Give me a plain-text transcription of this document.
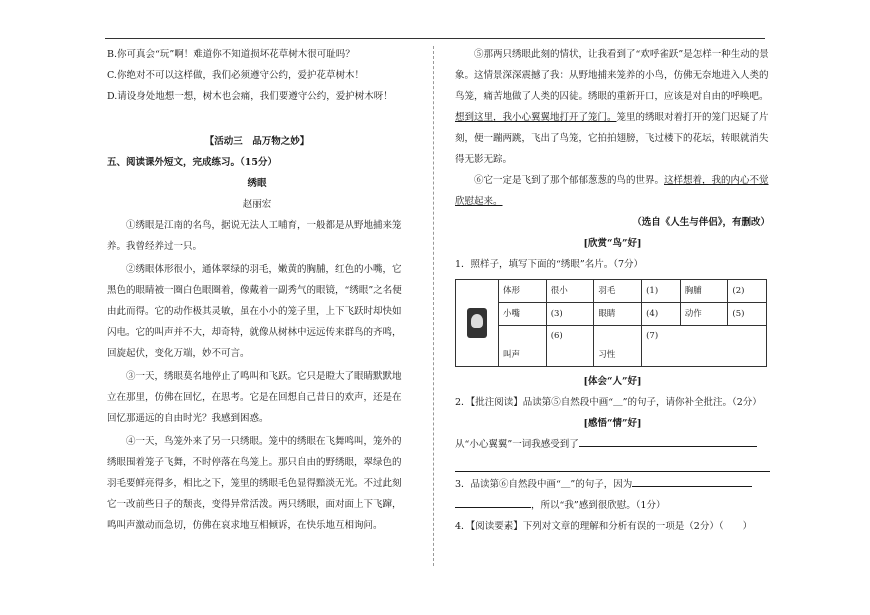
B.你可真会“玩”啊！难道你不知道损坏花草树木很可耻吗？

C.你绝对不可以这样做，我们必须遵守公约，爱护花草树木！

D.请设身处地想一想，树木也会痛，我们要遵守公约，爱护树木呀！

【活动三　品万物之妙】

五、阅读课外短文，完成练习。（15分）

绣眼

赵丽宏

①绣眼是江南的名鸟，据说无法人工哺育，一般都是从野地捕来笼养。我曾经养过一只。

②绣眼体形很小，通体翠绿的羽毛，嫩黄的胸脯，红色的小嘴，它黑色的眼睛被一圈白色眼圈着，像戴着一副秀气的眼镜，“绣眼”之名便由此而得。它的动作极其灵敏，虽在小小的笼子里，上下飞跃时却快如闪电。它的叫声并不大，却奇特，就像从树林中远远传来群鸟的齐鸣，回旋起伏，变化万端，妙不可言。

③一天，绣眼莫名地停止了鸣叫和飞跃。它只是瞪大了眼睛默默地立在那里，仿佛在回忆，在思考。它是在回想自己昔日的欢声，还是在回忆那遥远的自由时光？我感到困惑。

④一天，鸟笼外来了另一只绣眼。笼中的绣眼在飞舞鸣叫，笼外的绣眼围着笼子飞舞，不时停落在鸟笼上。那只自由的野绣眼，翠绿色的羽毛要鲜亮得多，相比之下，笼里的绣眼毛色显得黯淡无光。不过此刻它一改前些日子的颓丧，变得异常活泼。两只绣眼，面对面上下飞蹿，鸣叫声激动而急切，仿佛在哀求地互相倾诉，在快乐地互相询问。

⑤那两只绣眼此刻的情状，让我看到了“欢呼雀跃”是怎样一种生动的景象。这情景深深震撼了我：从野地捕来笼养的小鸟，仿佛无奈地进入人类的鸟笼，痛苦地做了人类的囚徒。绣眼的重新开口，应该是对自由的呼唤吧。想到这里，我小心翼翼地打开了笼门。笼里的绣眼对着打开的笼门迟疑了片刻，便一蹦两跳，飞出了鸟笼，它拍拍翅膀，飞过楼下的花坛，转眼就消失得无影无踪。

⑥它一定是飞到了那个郁郁葱葱的鸟的世界。这样想着，我的内心不觉欣慰起来。

（选自《人生与伴侣》，有删改）

[欣赏“鸟”好]

1．照样子，填写下面的“绣眼”名片。（7分）

	体形	很小	羽毛	(1)	胸脯	(2)
	小嘴	(3)	眼睛	(4)	动作	(5)
	叫声	(6)	习性	(7)		

[体会“人”好]

2．【批注阅读】品读第⑤自然段中画“＿”的句子，请你补全批注。（2分）

[感悟“情”好]

从“小心翼翼”一词我感受到了

3．品读第⑥自然段中画“＿”的句子，因为

，所以“我”感到很欣慰。（1分）

4．【阅读要素】下列对文章的理解和分析有误的一项是（2分）（　　）
